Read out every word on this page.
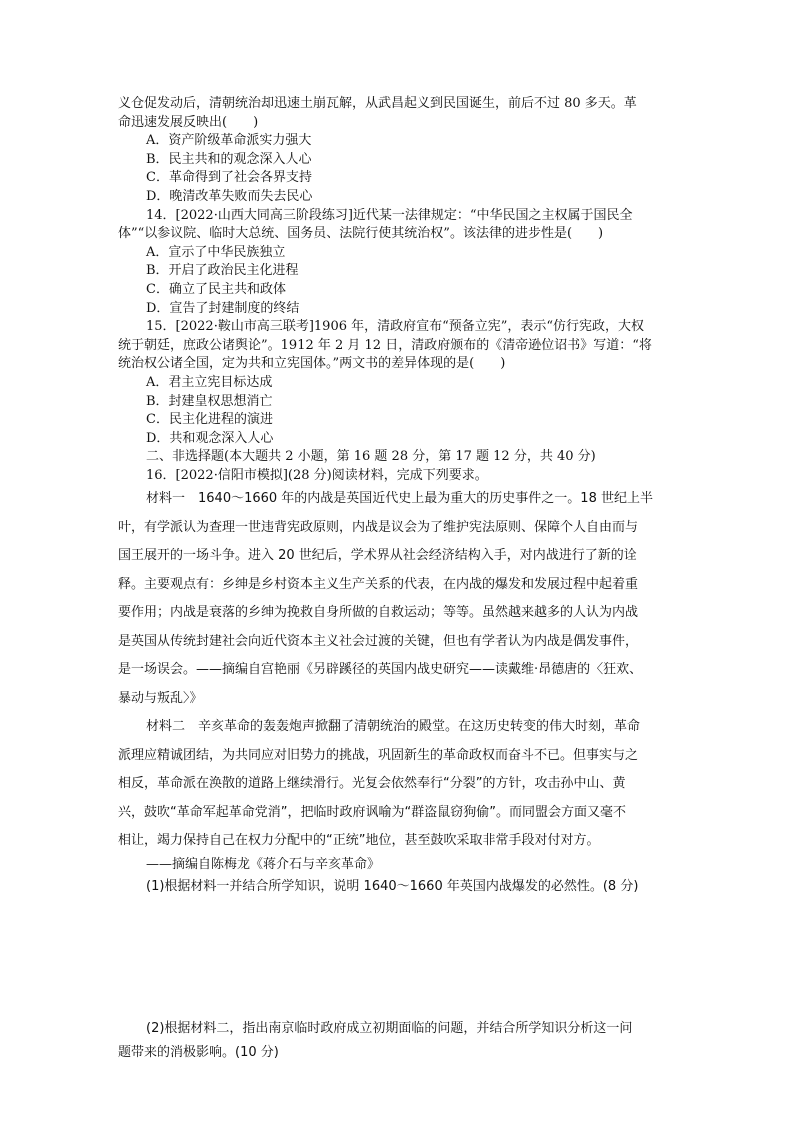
义仓促发动后，清朝统治却迅速土崩瓦解，从武昌起义到民国诞生，前后不过 80 多天。革
命迅速发展反映出(　　)
A．资产阶级革命派实力强大
B．民主共和的观念深入人心
C．革命得到了社会各界支持
D．晚清改革失败而失去民心
14．[2022·山西大同高三阶段练习]近代某一法律规定：“中华民国之主权属于国民全
体”“以参议院、临时大总统、国务员、法院行使其统治权”。该法律的进步性是(　　)
A．宣示了中华民族独立
B．开启了政治民主化进程
C．确立了民主共和政体
D．宣告了封建制度的终结
15．[2022·鞍山市高三联考]1906 年，清政府宣布“预备立宪”，表示“仿行宪政，大权
统于朝廷，庶政公诸舆论”。1912 年 2 月 12 日，清政府颁布的《清帝逊位诏书》写道：“将
统治权公诸全国，定为共和立宪国体。”两文书的差异体现的是(　　)
A．君主立宪目标达成
B．封建皇权思想消亡
C．民主化进程的演进
D．共和观念深入人心
二、非选择题(本大题共 2 小题，第 16 题 28 分，第 17 题 12 分，共 40 分)
16．[2022·信阳市模拟](28 分)阅读材料，完成下列要求。
材料一　1640～1660 年的内战是英国近代史上最为重大的历史事件之一。18 世纪上半
叶，有学派认为查理一世违背宪政原则，内战是议会为了维护宪法原则、保障个人自由而与
国王展开的一场斗争。进入 20 世纪后，学术界从社会经济结构入手，对内战进行了新的诠
释。主要观点有：乡绅是乡村资本主义生产关系的代表，在内战的爆发和发展过程中起着重
要作用；内战是衰落的乡绅为挽救自身所做的自救运动；等等。虽然越来越多的人认为内战
是英国从传统封建社会向近代资本主义社会过渡的关键，但也有学者认为内战是偶发事件，
是一场误会。——摘编自宫艳丽《另辟蹊径的英国内战史研究——读戴维·昂德唐的〈狂欢、
暴动与叛乱〉》
材料二　辛亥革命的轰轰炮声掀翻了清朝统治的殿堂。在这历史转变的伟大时刻，革命
派理应精诚团结，为共同应对旧势力的挑战，巩固新生的革命政权而奋斗不已。但事实与之
相反，革命派在涣散的道路上继续滑行。光复会依然奉行“分裂”的方针，攻击孙中山、黄
兴，鼓吹“革命军起革命党消”，把临时政府讽喻为“群盗鼠窃狗偷”。而同盟会方面又毫不
相让，竭力保持自己在权力分配中的“正统”地位，甚至鼓吹采取非常手段对付对方。
——摘编自陈梅龙《蒋介石与辛亥革命》
(1)根据材料一并结合所学知识，说明 1640～1660 年英国内战爆发的必然性。(8 分)
(2)根据材料二，指出南京临时政府成立初期面临的问题，并结合所学知识分析这一问
题带来的消极影响。(10 分)
